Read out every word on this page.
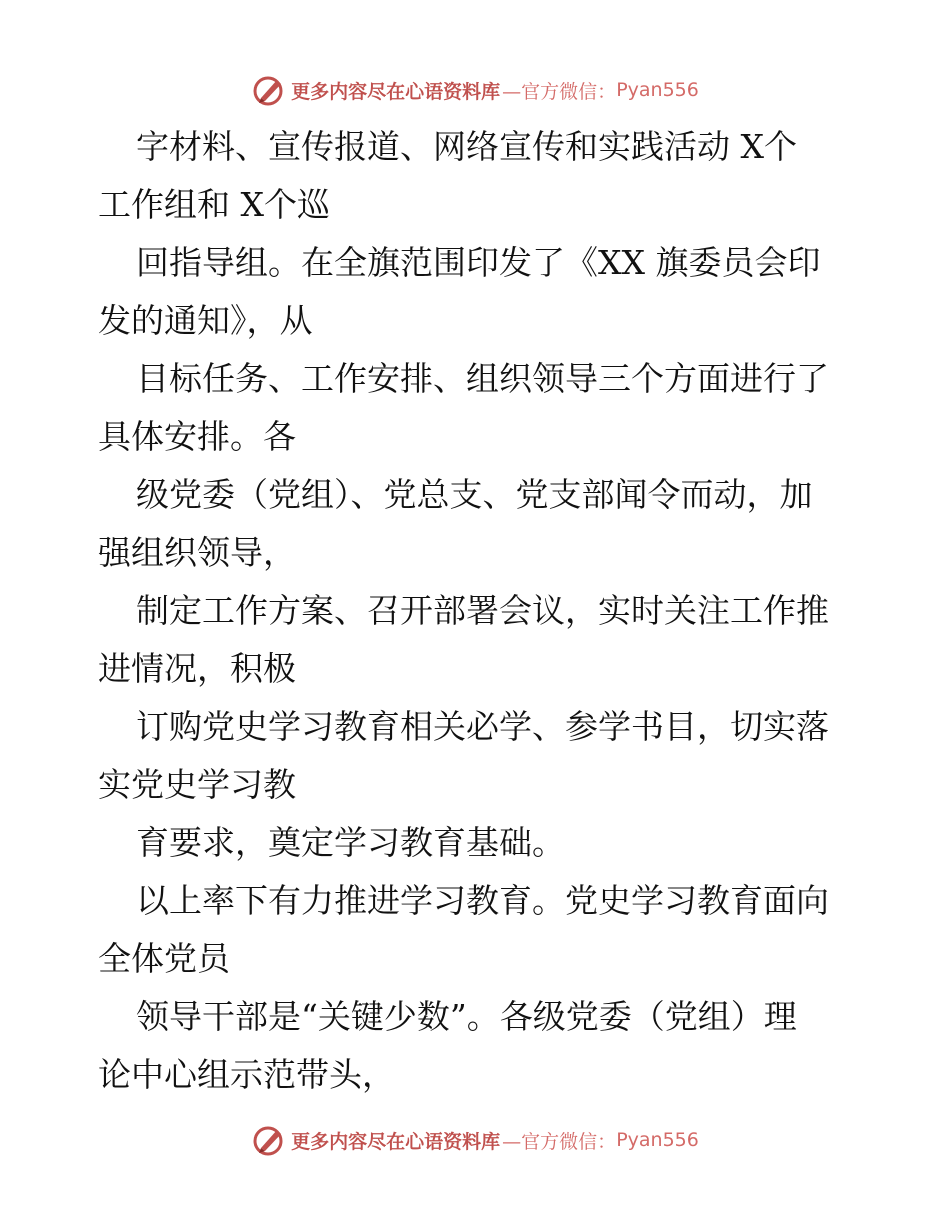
更多内容尽在心语资料库 —官方微信： Pyan556
字材料、宣传报道、网络宣传和实践活动 X个
工作组和 X个巡
回指导组。在全旗范围印发了《XX 旗委员会印
发的通知》，从
目标任务、工作安排、组织领导三个方面进行了
具体安排。各
级党委（党组）、党总支、党支部闻令而动，加
强组织领导，
制定工作方案、召开部署会议，实时关注工作推
进情况，积极
订购党史学习教育相关必学、参学书目，切实落
实党史学习教
育要求，奠定学习教育基础。
以上率下有力推进学习教育。党史学习教育面向
全体党员
领导干部是“关键少数”。各级党委（党组）理
论中心组示范带头，
更多内容尽在心语资料库 —官方微信： Pyan556
